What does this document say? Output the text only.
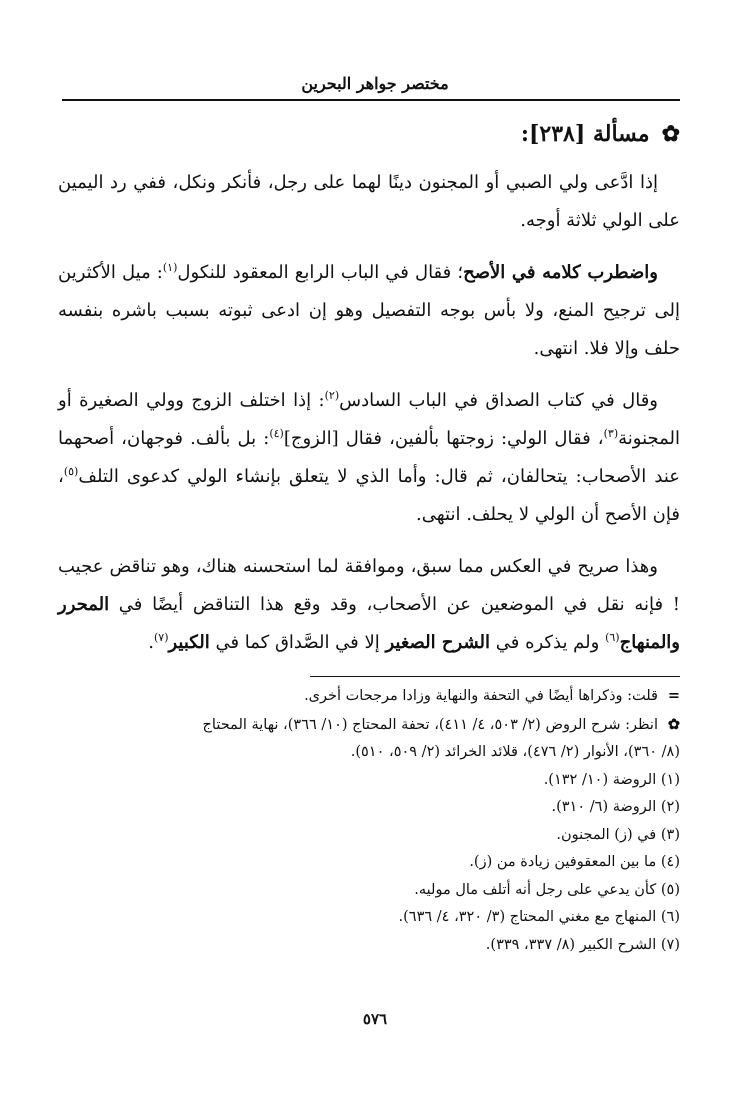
مختصر جواهر البحرين
✿
مسألة [٢٣٨]:

إذا ادَّعى ولي الصبي أو المجنون دينًا لهما على رجل، فأنكر ونكل، ففي رد اليمين على الولي ثلاثة أوجه.

واضطرب كلامه في الأصح؛ فقال في الباب الرابع المعقود للنكول$^{(١)}$: ميل الأكثرين إلى ترجيح المنع، ولا بأس بوجه التفصيل وهو إن ادعى ثبوته بسبب باشره بنفسه حلف وإلا فلا. انتهى.

وقال في كتاب الصداق في الباب السادس$^{(٢)}$: إذا اختلف الزوج وولي الصغيرة أو المجنونة$^{(٣)}$، فقال الولي: زوجتها بألفين، فقال [الزوج]$^{(٤)}$: بل بألف. فوجهان، أصحهما عند الأصحاب: يتحالفان، ثم قال: وأما الذي لا يتعلق بإنشاء الولي كدعوى التلف$^{(٥)}$، فإن الأصح أن الولي لا يحلف. انتهى.

وهذا صريح في العكس مما سبق، وموافقة لما استحسنه هناك، وهو تناقض عجيب ! فإنه نقل في الموضعين عن الأصحاب، وقد وقع هذا التناقض أيضًا في المحرر والمنهاج$^{(٦)}$ ولم يذكره في الشرح الصغير إلا في الصَّداق كما في الكبير$^{(٧)}$.

=قلت: وذكراها أيضًا في التحفة والنهاية وزادا مرجحات أخرى.
✿انظر: شرح الروض (٢/ ٥٠٣، ٤/ ٤١١)، تحفة المحتاج (١٠/ ٣٦٦)، نهاية المحتاج
(٨/ ٣٦٠)، الأنوار (٢/ ٤٧٦)، قلائد الخرائد (٢/ ٥٠٩، ٥١٠).
(١) الروضة (١٠/ ١٣٢).
(٢) الروضة (٦/ ٣١٠).
(٣) في (ز) المجنون.
(٤) ما بين المعقوفين زيادة من (ز).
(٥) كأن يدعي على رجل أنه أتلف مال موليه.
(٦) المنهاج مع مغني المحتاج (٣/ ٣٢٠، ٤/ ٦٣٦).
(٧) الشرح الكبير (٨/ ٣٣٧، ٣٣٩).
٥٧٦
